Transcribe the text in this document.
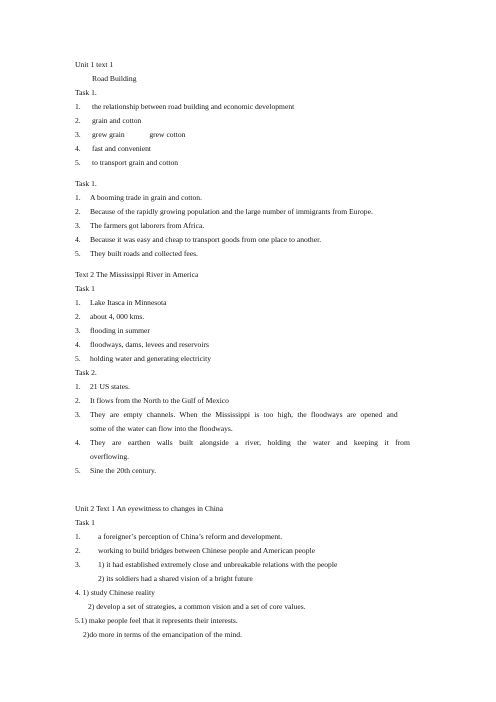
Unit 1 text 1
Road Building
Task 1.
1. the relationship between road building and economic development
2. grain and cotton
3. grew grain             grew cotton
4. fast and convenient
5. to transport grain and cotton
Task 1.
1. A booming trade in grain and cotton.
2. Because of the rapidly growing population and the large number of immigrants from Europe.
3. The farmers got laborers from Africa.
4. Because it was easy and cheap to transport goods from one place to another.
5. They built roads and collected fees.
Text 2 The Mississippi River in America
Task 1
1. Lake Itasca in Minnesota
2. about 4, 000 kms.
3. flooding in summer
4. floodways, dams, levees and reservoirs
5. holding water and generating electricity
Task 2.
1. 21 US states.
2. It flows from the North to the Gulf of Mexico
3. They are empty channels. When the Mississippi is too high, the floodways are opened and
some of the water can flow into the floodways.
4. They are earthen walls built alongside a river, holding the water and keeping it from
overflowing.
5. Sine the 20th century.
Unit 2 Text 1 An eyewitness to changes in China
Task 1
1. a foreigner’s perception of China’s reform and development.
2. working to build bridges between Chinese people and American people
3. 1) it had established extremely close and unbreakable relations with the people
2) its soldiers had a shared vision of a bright future
4. 1) study Chinese reality
2) develop a set of strategies, a common vision and a set of core values.
5.1) make people feel that it represents their interests.
2)do more in terms of the emancipation of the mind.
